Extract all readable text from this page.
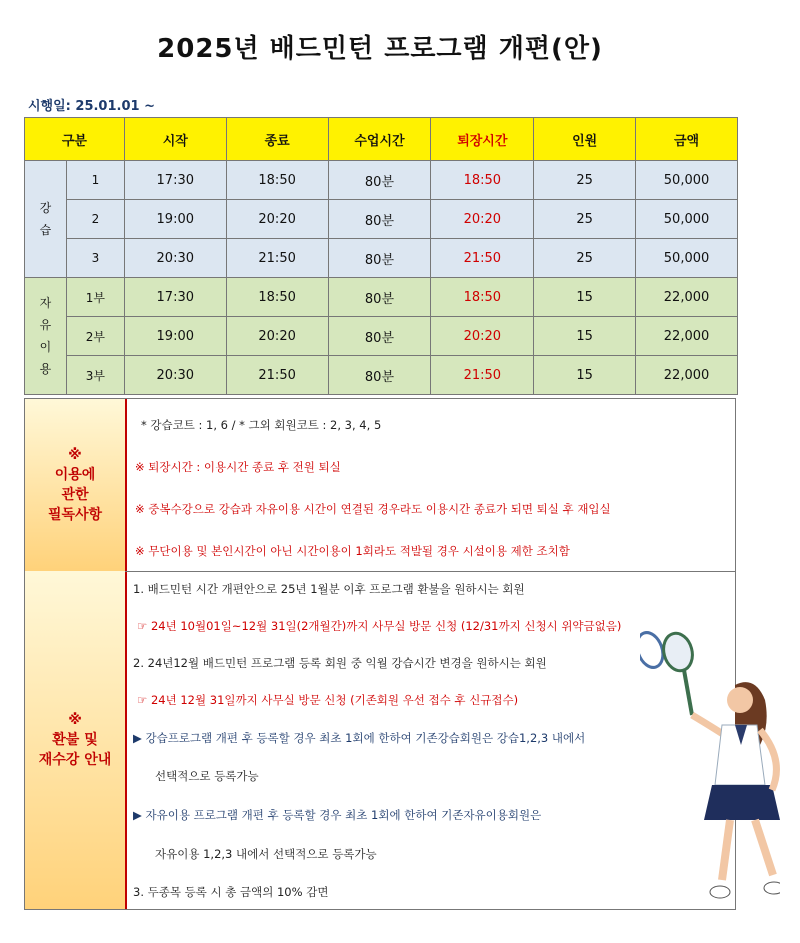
2025년 배드민턴 프로그램 개편(안)
시행일: 25.01.01 ~
구분		시작	종료	수업시간	퇴장시간	인원	금액

강
습	1	17:30	18:50	80분	18:50	25	50,000
	2	19:00	20:20	80분	20:20	25	50,000
	3	20:30	21:50	80분	21:50	25	50,000

자
유
이
용	1부	17:30	18:50	80분	18:50	15	22,000
	2부	19:00	20:20	80분	20:20	15	22,000
	3부	20:30	21:50	80분	21:50	15	22,000
※
이용에
관한
필독사항
※
환불 및
재수강 안내
* 강습코트 : 1, 6 / * 그외 회원코트 : 2, 3, 4, 5
※ 퇴장시간 : 이용시간 종료 후 전원 퇴실
※ 중복수강으로 강습과 자유이용 시간이 연결된 경우라도 이용시간 종료가 되면 퇴실 후 재입실
※ 무단이용 및 본인시간이 아닌 시간이용이 1회라도 적발될 경우 시설이용 제한 조치함
1. 배드민턴 시간 개편안으로 25년 1월분 이후 프로그램 환불을 원하시는 회원
☞ 24년 10월01일~12월 31일(2개월간)까지 사무실 방문 신청 (12/31까지 신청시 위약금없음)
2. 24년12월 배드민턴 프로그램 등록 회원 중 익월 강습시간 변경을 원하시는 회원
☞ 24년 12월 31일까지 사무실 방문 신청 (기존회원 우선 접수 후 신규접수)
▶ 강습프로그램 개편 후 등록할 경우 최초 1회에 한하여 기존강습회원은 강습1,2,3 내에서
선택적으로 등록가능
▶ 자유이용 프로그램 개편 후 등록할 경우 최초 1회에 한하여 기존자유이용회원은
자유이용 1,2,3 내에서 선택적으로 등록가능
3. 두종목 등록 시 총 금액의 10% 감면
